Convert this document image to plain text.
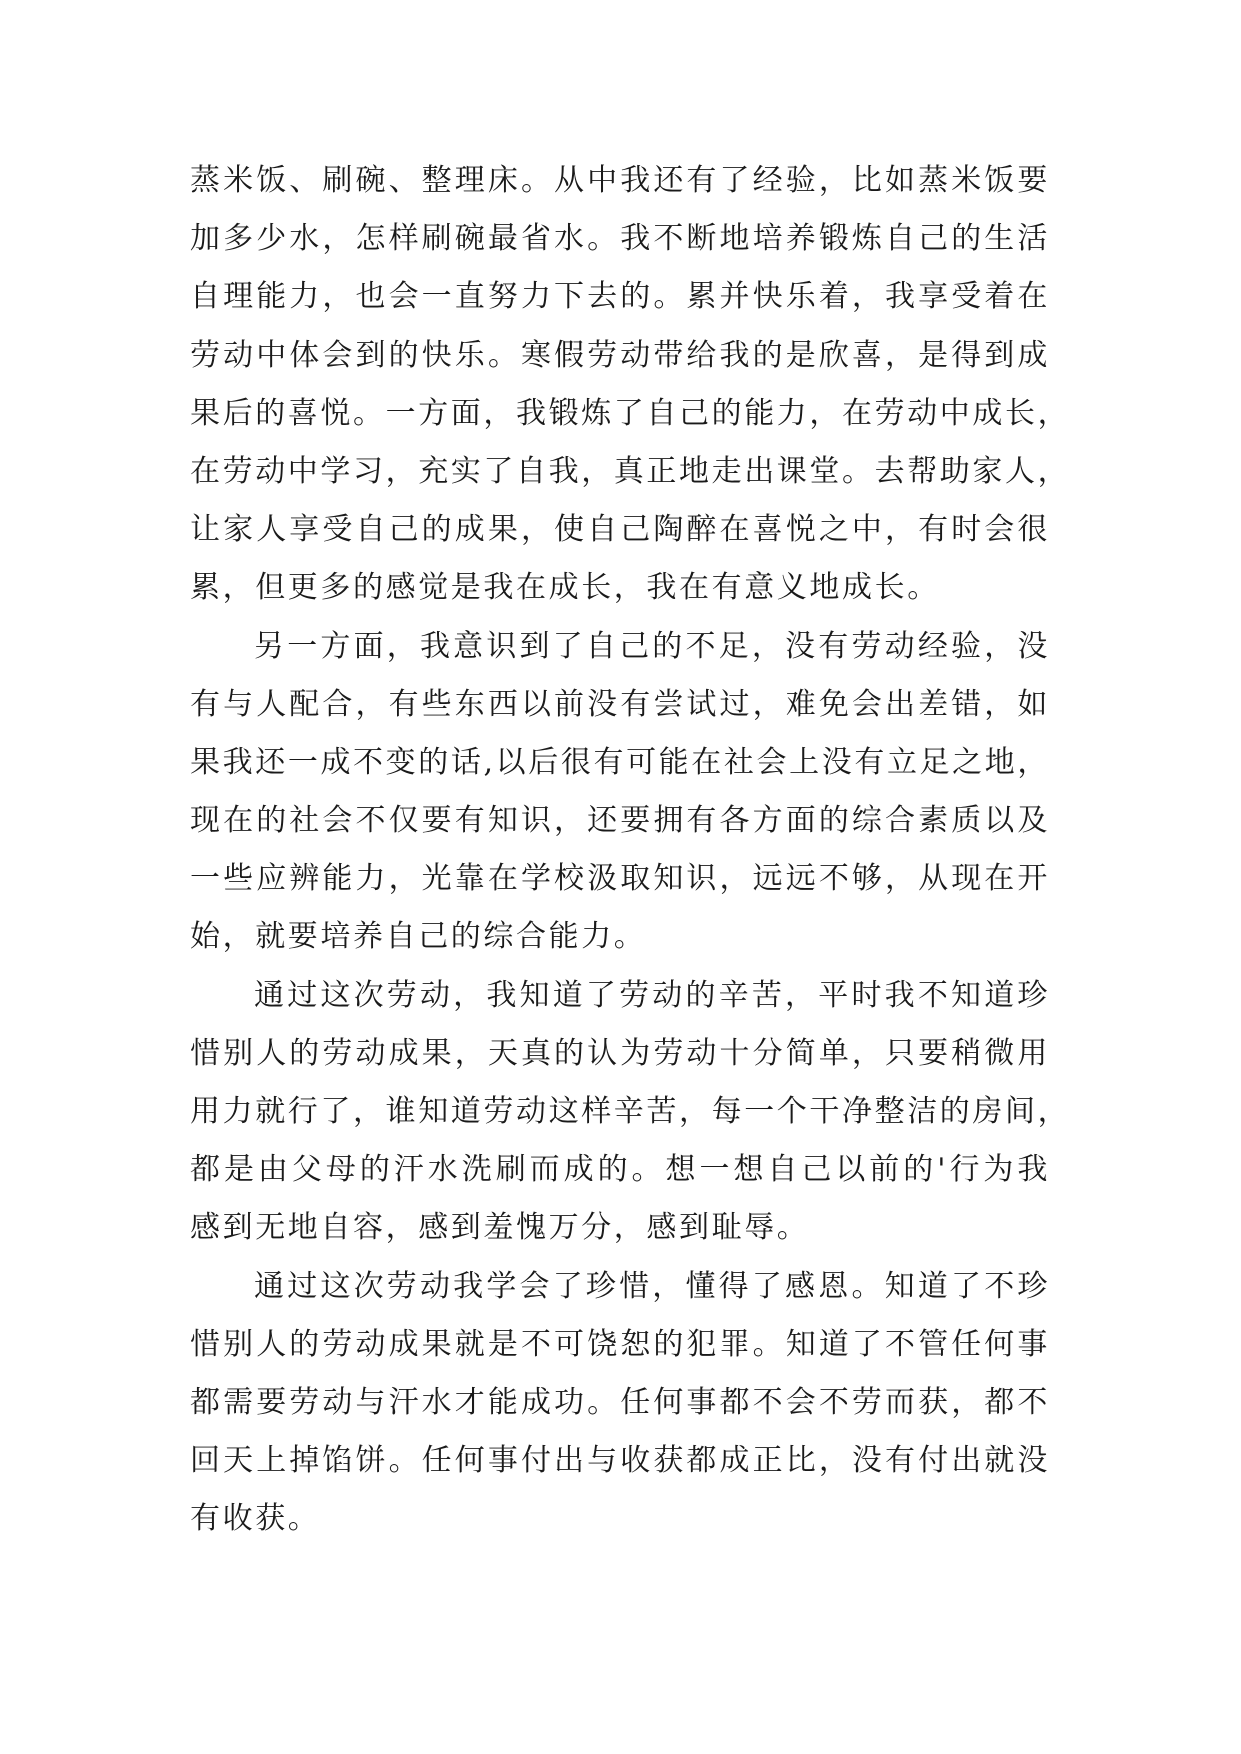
蒸米饭、刷碗、整理床。从中我还有了经验，比如蒸米饭要
加多少水，怎样刷碗最省水。我不断地培养锻炼自己的生活
自理能力，也会一直努力下去的。累并快乐着，我享受着在
劳动中体会到的快乐。寒假劳动带给我的是欣喜，是得到成
果后的喜悦。一方面，我锻炼了自己的能力，在劳动中成长，
在劳动中学习，充实了自我，真正地走出课堂。去帮助家人，
让家人享受自己的成果，使自己陶醉在喜悦之中，有时会很
累，但更多的感觉是我在成长，我在有意义地成长。
另一方面，我意识到了自己的不足，没有劳动经验，没
有与人配合，有些东西以前没有尝试过，难免会出差错，如
果我还一成不变的话,以后很有可能在社会上没有立足之地，
现在的社会不仅要有知识，还要拥有各方面的综合素质以及
一些应辨能力，光靠在学校汲取知识，远远不够，从现在开
始，就要培养自己的综合能力。
通过这次劳动，我知道了劳动的辛苦，平时我不知道珍
惜别人的劳动成果，天真的认为劳动十分简单，只要稍微用
用力就行了，谁知道劳动这样辛苦，每一个干净整洁的房间，
都是由父母的汗水洗刷而成的。想一想自己以前的'行为我
感到无地自容，感到羞愧万分，感到耻辱。
通过这次劳动我学会了珍惜，懂得了感恩。知道了不珍
惜别人的劳动成果就是不可饶恕的犯罪。知道了不管任何事
都需要劳动与汗水才能成功。任何事都不会不劳而获，都不
回天上掉馅饼。任何事付出与收获都成正比，没有付出就没
有收获。
